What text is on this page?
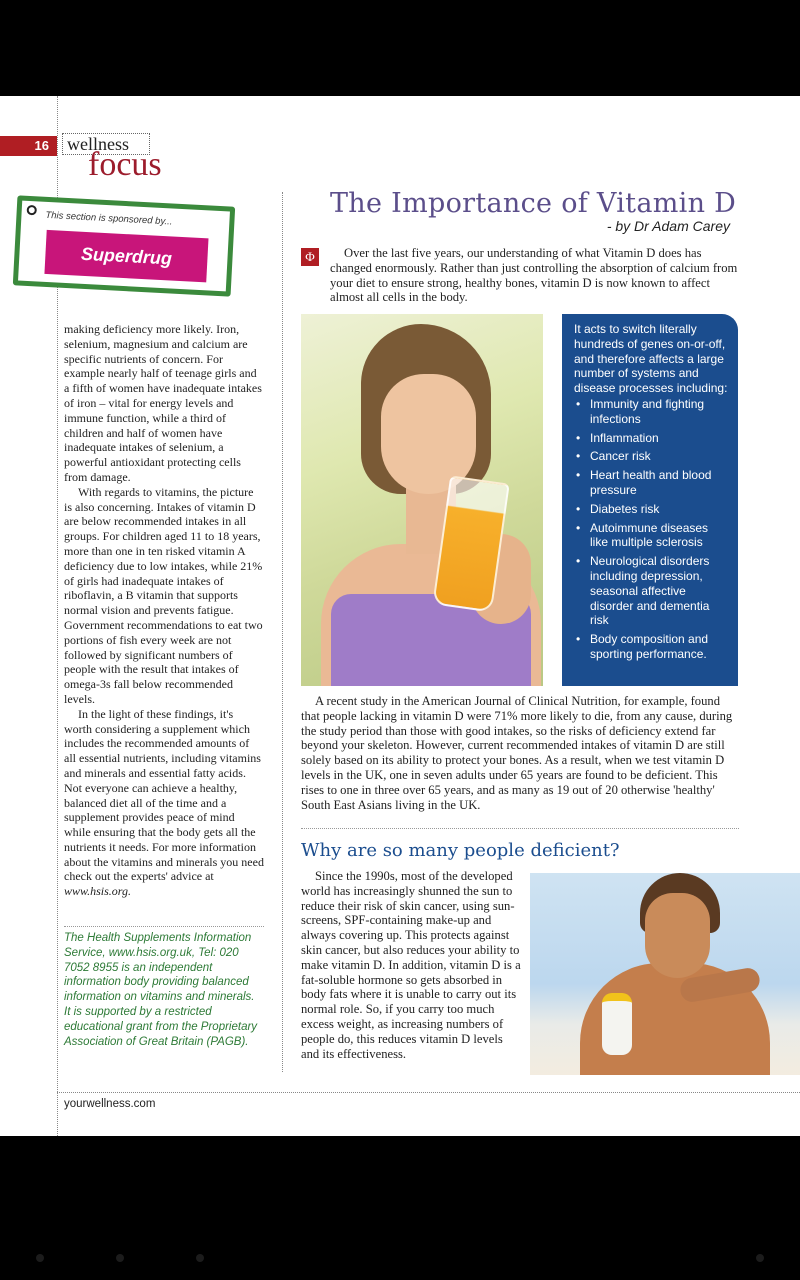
16	wellness
focus
This section is sponsored by...
Superdrug

making deficiency more likely. Iron, selenium, magnesium and calcium are specific nutrients of concern. For example nearly half of teenage girls and a fifth of women have inadequate intakes of iron – vital for energy levels and immune function, while a third of children and half of women have inadequate intakes of selenium, a powerful antioxidant protecting cells from damage.

With regards to vitamins, the picture is also concerning. Intakes of vitamin D are below recommended intakes in all groups. For children aged 11 to 18 years, more than one in ten risked vitamin A deficiency due to low intakes, while 21% of girls had inadequate intakes of riboflavin, a B vitamin that supports normal vision and prevents fatigue. Government recommendations to eat two portions of fish every week are not followed by significant numbers of people with the result that intakes of omega-3s fall below recommended levels.

In the light of these findings, it's worth considering a supplement which includes the recommended amounts of all essential nutrients, including vitamins and minerals and essential fatty acids. Not everyone can achieve a healthy, balanced diet all of the time and a supplement provides peace of mind while ensuring that the body gets all the nutrients it needs. For more information about the vitamins and minerals you need check out the experts' advice at www.hsis.org.

The Health Supplements Information Service, www.hsis.org.uk, Tel: 020 7052 8955 is an independent information body providing balanced information on vitamins and minerals. It is supported by a restricted educational grant from the Proprietary Association of Great Britain (PAGB).
The Importance of Vitamin D
- by Dr Adam Carey
Φ	Over the last five years, our understanding of what Vitamin D does has changed enormously. Rather than just controlling the absorption of calcium from your diet to ensure strong, healthy bones, vitamin D is now known to affect almost all cells in the body.

It acts to switch literally hundreds of genes on-or-off, and therefore affects a large number of systems and disease processes including:

• Immunity and fighting infections
• Inflammation
• Cancer risk
• Heart health and blood pressure
• Diabetes risk
• Autoimmune diseases like multiple sclerosis
• Neurological disorders including depression, seasonal affective disorder and dementia risk
• Body composition and sporting performance.

A recent study in the American Journal of Clinical Nutrition, for example, found that people lacking in vitamin D were 71% more likely to die, from any cause, during the study period than those with good intakes, so the risks of deficiency extend far beyond your skeleton. However, current recommended intakes of vitamin D are still solely based on its ability to protect your bones. As a result, when we test vitamin D levels in the UK, one in seven adults under 65 years are found to be deficient. This rises to one in three over 65 years, and as many as 19 out of 20 otherwise 'healthy' South East Asians living in the UK.

Why are so many people deficient?

Since the 1990s, most of the developed world has increasingly shunned the sun to reduce their risk of skin cancer, using sun-screens, SPF-containing make-up and always covering up. This protects against skin cancer, but also reduces your ability to make vitamin D. In addition, vitamin D is a fat-soluble hormone so gets absorbed in body fats where it is unable to carry out its normal role. So, if you carry too much excess weight, as increasing numbers of people do, this reduces vitamin D levels and its effectiveness.

yourwellness.com
